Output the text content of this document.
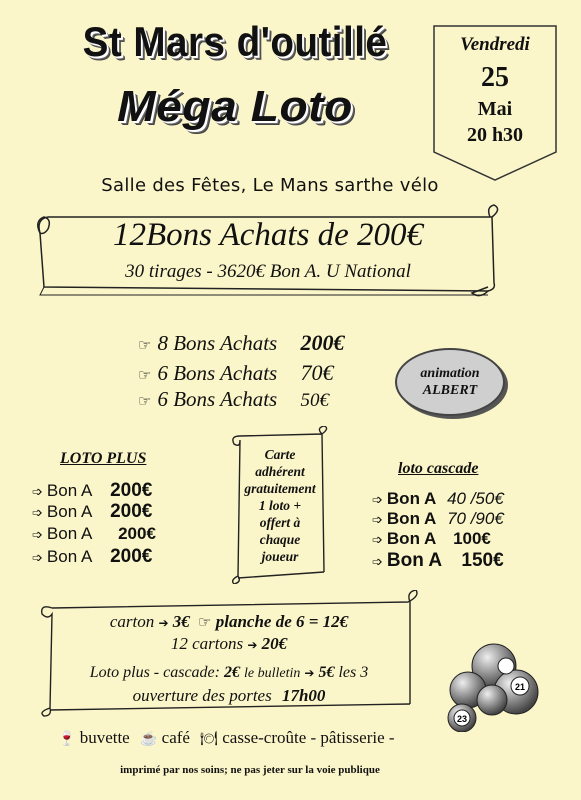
St Mars d'outillé
Méga Loto
Vendredi
25
Mai
20 h30
Salle des Fêtes, Le Mans sarthe vélo
12Bons Achats de 200€
30 tirages - 3620€ Bon A. U National
☞ 8 Bons Achats 200€
☞ 6 Bons Achats 70€
☞ 6 Bons Achats 50€
animation
ALBERT
LOTO PLUS
➩ Bon A 200€
➩ Bon A 200€
➩ Bon A 200€
➩ Bon A 200€
Carte
adhérent
gratuitement
1 loto +
offert à
chaque
joueur
loto cascade
➩ Bon A 40 /50€
➩ Bon A 70 /90€
➩ Bon A 100€
➩ Bon A 150€
carton ➔ 3€ ☞ planche de 6 = 12€
12 cartons ➔ 20€
Loto plus - cascade: 2€ le bulletin ➔ 5€ les 3
ouverture des portes 17h00	21
23
🍷 buvette ☕ café 🍽 casse-croûte - pâtisserie -
imprimé par nos soins; ne pas jeter sur la voie publique
